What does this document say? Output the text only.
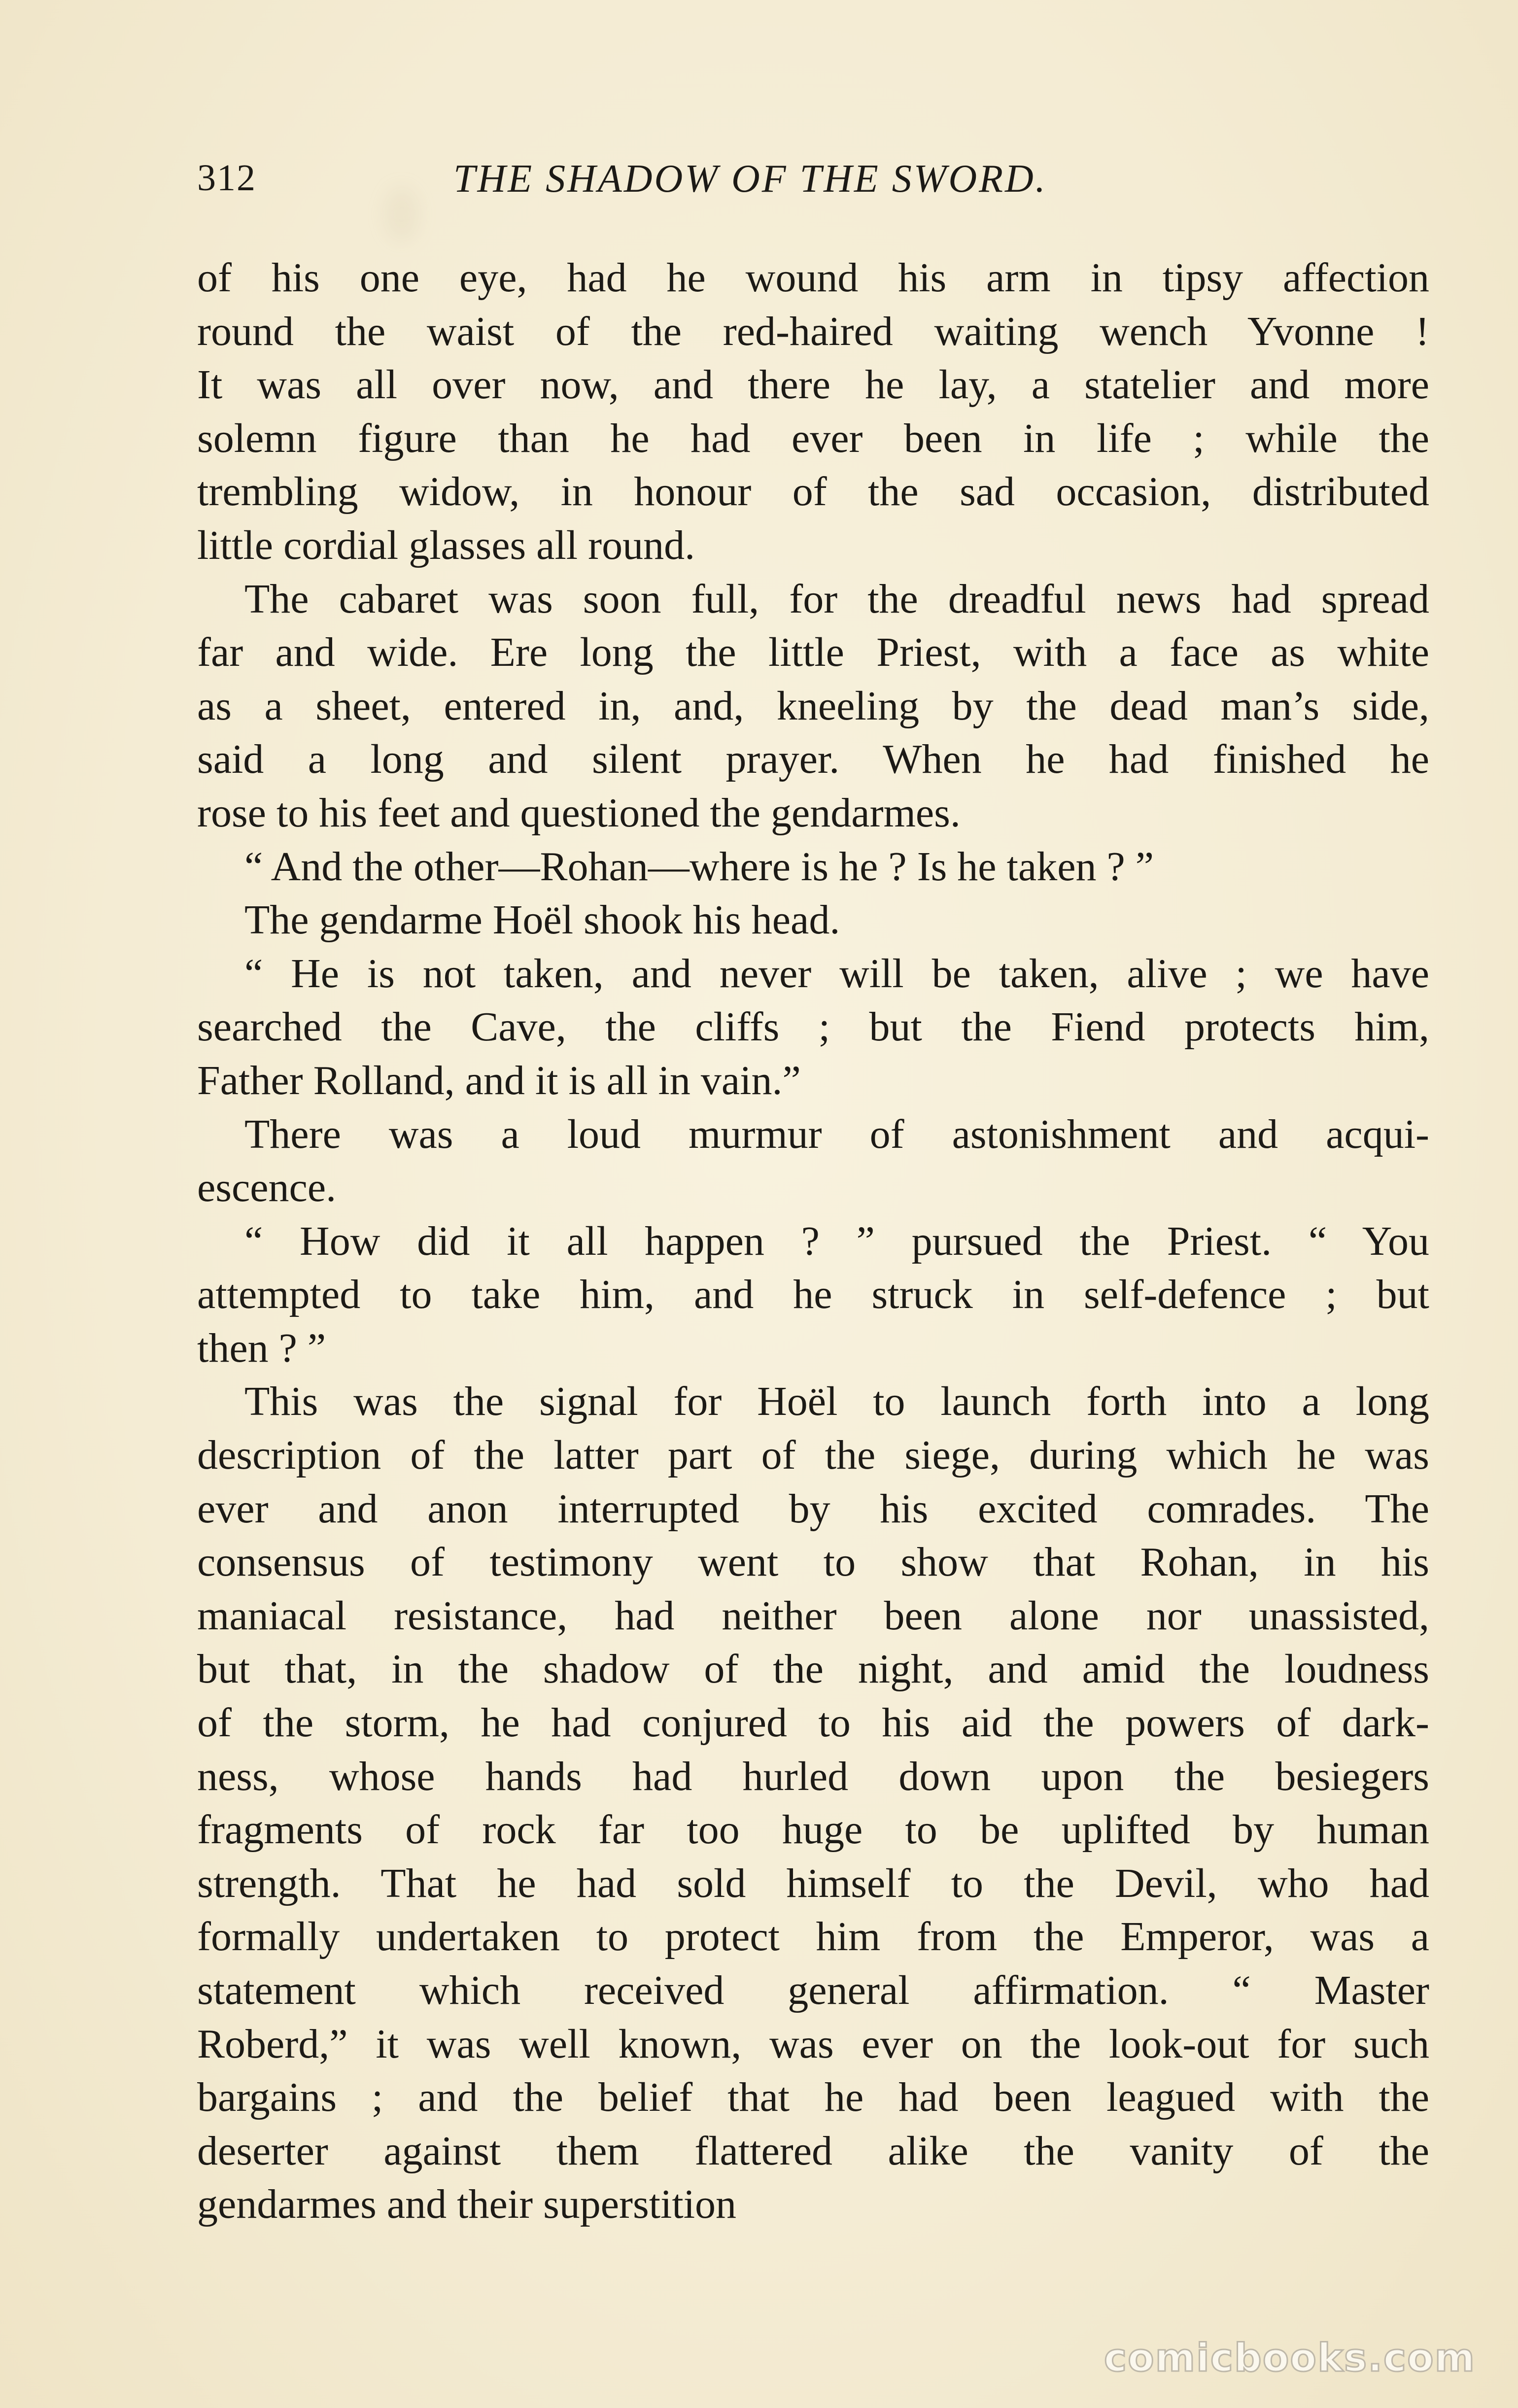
312	THE SHADOW OF THE SWORD.
of his one eye, had he wound his arm in tipsy affection
round the waist of the red-haired waiting wench Yvonne !
It was all over now, and there he lay, a statelier and more
solemn figure than he had ever been in life ; while the
trembling widow, in honour of the sad occasion, distributed
little cordial glasses all round.
The cabaret was soon full, for the dreadful news had spread
far and wide. Ere long the little Priest, with a face as white
as a sheet, entered in, and, kneeling by the dead man’s side,
said a long and silent prayer. When he had finished he
rose to his feet and questioned the gendarmes.
“ And the other—Rohan—where is he ? Is he taken ? ”
The gendarme Hoël shook his head.
“ He is not taken, and never will be taken, alive ; we have
searched the Cave, the cliffs ; but the Fiend protects him,
Father Rolland, and it is all in vain.”
There was a loud murmur of astonishment and acqui-
escence.
“ How did it all happen ? ” pursued the Priest. “ You
attempted to take him, and he struck in self-defence ; but
then ? ”
This was the signal for Hoël to launch forth into a long
description of the latter part of the siege, during which he was
ever and anon interrupted by his excited comrades. The
consensus of testimony went to show that Rohan, in his
maniacal resistance, had neither been alone nor unassisted,
but that, in the shadow of the night, and amid the loudness
of the storm, he had conjured to his aid the powers of dark-
ness, whose hands had hurled down upon the besiegers
fragments of rock far too huge to be uplifted by human
strength. That he had sold himself to the Devil, who had
formally undertaken to protect him from the Emperor, was a
statement which received general affirmation. “ Master
Roberd,” it was well known, was ever on the look-out for such
bargains ; and the belief that he had been leagued with the
deserter against them flattered alike the vanity of the
gendarmes and their superstition
comicbooks.com
